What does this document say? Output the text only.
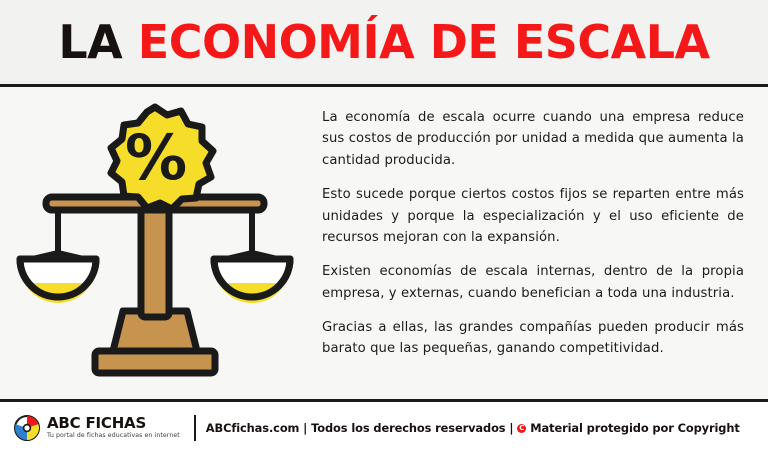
LA ECONOMÍA DE ESCALA
%

La economía de escala ocurre cuando una empresa reduce sus costos de producción por unidad a medida que aumenta la cantidad producida.

Esto sucede porque ciertos costos fijos se reparten entre más unidades y porque la especialización y el uso eficiente de recursos mejoran con la expansión.

Existen economías de escala internas, dentro de la propia empresa, y externas, cuando benefician a toda una industria.

Gracias a ellas, las grandes compañías pueden producir más barato que las pequeñas, ganando competitividad.

ABC FICHAS
Tu portal de fichas educativas en internet
ABCfichas.com | Todos los derechos reservados | C Material protegido por Copyright
